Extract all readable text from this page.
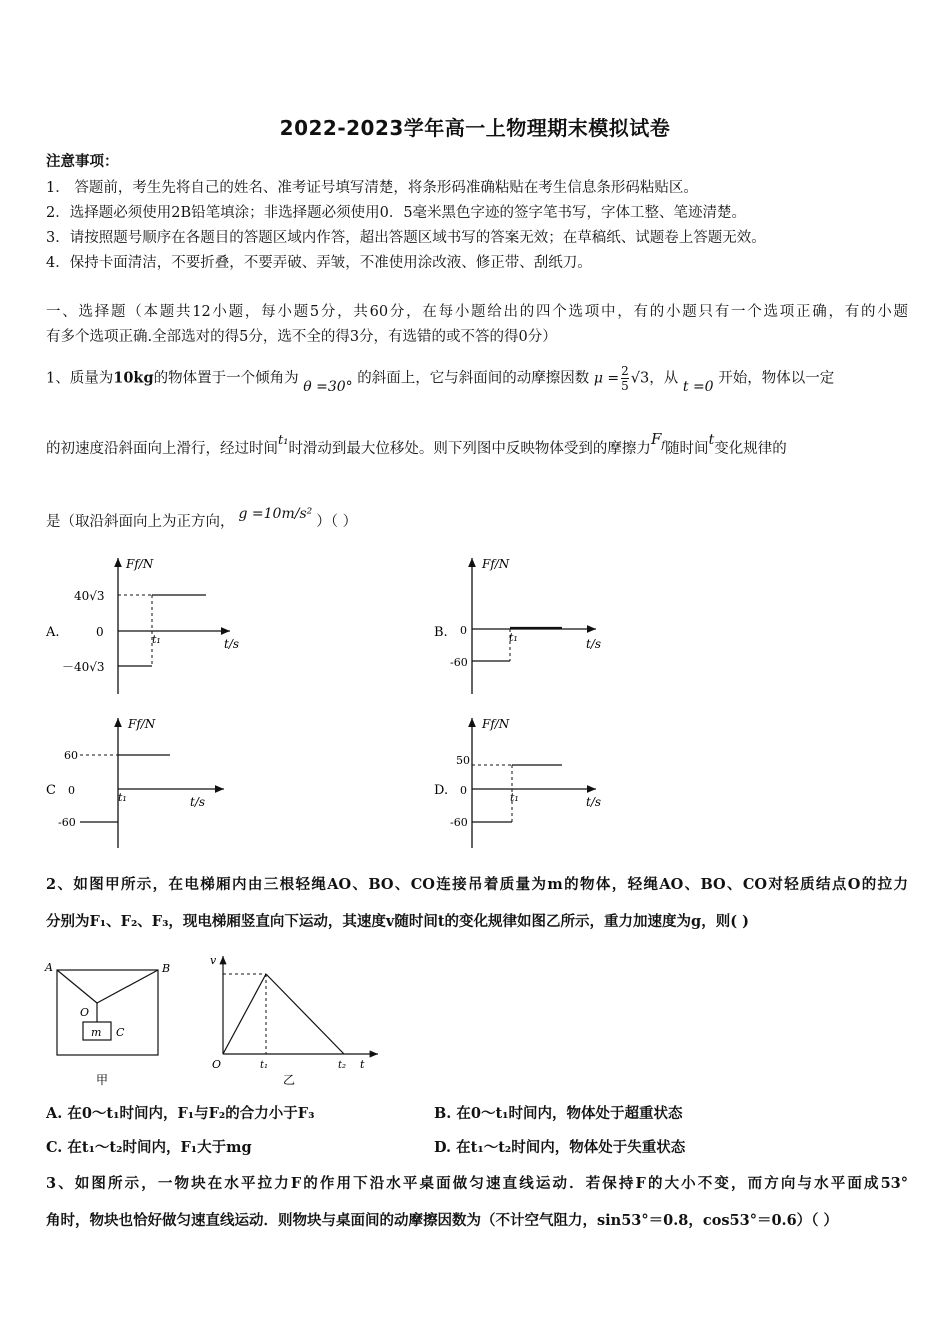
2022-2023学年高一上物理期末模拟试卷
注意事项：
1． 答题前，考生先将自己的姓名、准考证号填写清楚，将条形码准确粘贴在考生信息条形码粘贴区。
2．选择题必须使用2B铅笔填涂；非选择题必须使用0．5毫米黑色字迹的签字笔书写，字体工整、笔迹清楚。
3．请按照题号顺序在各题目的答题区域内作答，超出答题区域书写的答案无效；在草稿纸、试题卷上答题无效。
4．保持卡面清洁，不要折叠，不要弄破、弄皱，不准使用涂改液、修正带、刮纸刀。
一、选择题（本题共12小题，每小题5分，共60分，在每小题给出的四个选项中，有的小题只有一个选项正确，有的小题
有多个选项正确.全部选对的得5分，选不全的得3分，有选错的或不答的得0分）
1、质量为10kg的物体置于一个倾角为 θ =30° 的斜面上，它与斜面间的动摩擦因数 $\mu = \frac{2}{5} √3$，从 t =0 开始，物体以一定
的初速度沿斜面向上滑行，经过时间t₁时滑动到最大位移处。则下列图中反映物体受到的摩擦力$F_f$随时间t变化规律的
是（取沿斜面向上为正方向， g =10m/s² ）（ ）
A.
Ff/N
t/s
0
40√3
－40√3
t₁	B.
Ff/N
t/s
0
-60
t₁
C
Ff/N
t/s
0
60
-60
t₁	D.
Ff/N
t/s
0
50
-60
t₁
2、如图甲所示，在电梯厢内由三根轻绳AO、BO、CO连接吊着质量为m的物体，轻绳AO、BO、CO对轻质结点O的拉力
分别为F₁、F₂、F₃，现电梯厢竖直向下运动，其速度v随时间t的变化规律如图乙所示，重力加速度为g，则( )
A	B
O
m C
甲
v
t
O	t₁	t₂
乙
A. 在0～t₁时间内，F₁与F₂的合力小于F₃	B. 在0～t₁时间内，物体处于超重状态
C. 在t₁～t₂时间内，F₁大于mg	D. 在t₁～t₂时间内，物体处于失重状态
3、如图所示，一物块在水平拉力F的作用下沿水平桌面做匀速直线运动．若保持F的大小不变，而方向与水平面成53°
角时，物块也恰好做匀速直线运动．则物块与桌面间的动摩擦因数为（不计空气阻力，sin53°＝0.8，cos53°＝0.6）（ ）
